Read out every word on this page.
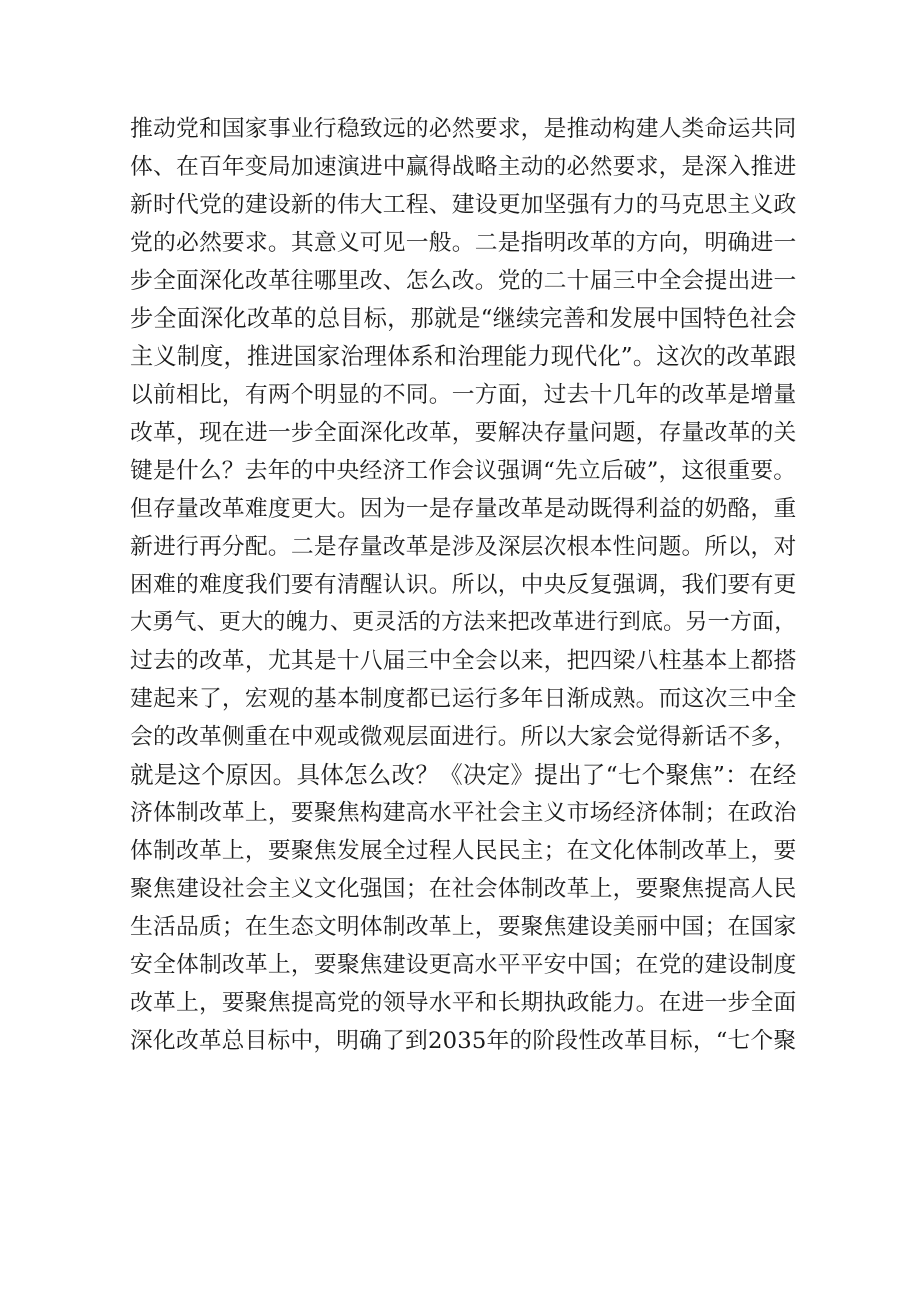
推动党和国家事业行稳致远的必然要求，是推动构建人类命运共同
体、在百年变局加速演进中赢得战略主动的必然要求，是深入推进
新时代党的建设新的伟大工程、建设更加坚强有力的马克思主义政
党的必然要求。其意义可见一般。二是指明改革的方向，明确进一
步全面深化改革往哪里改、怎么改。党的二十届三中全会提出进一
步全面深化改革的总目标，那就是“继续完善和发展中国特色社会
主义制度，推进国家治理体系和治理能力现代化”。这次的改革跟
以前相比，有两个明显的不同。一方面，过去十几年的改革是增量
改革，现在进一步全面深化改革，要解决存量问题，存量改革的关
键是什么？去年的中央经济工作会议强调“先立后破”，这很重要。
但存量改革难度更大。因为一是存量改革是动既得利益的奶酪，重
新进行再分配。二是存量改革是涉及深层次根本性问题。所以，对
困难的难度我们要有清醒认识。所以，中央反复强调，我们要有更
大勇气、更大的魄力、更灵活的方法来把改革进行到底。另一方面，
过去的改革，尤其是十八届三中全会以来，把四梁八柱基本上都搭
建起来了，宏观的基本制度都已运行多年日渐成熟。而这次三中全
会的改革侧重在中观或微观层面进行。所以大家会觉得新话不多，
就是这个原因。具体怎么改？《决定》提出了“七个聚焦”：在经
济体制改革上，要聚焦构建高水平社会主义市场经济体制；在政治
体制改革上，要聚焦发展全过程人民民主；在文化体制改革上，要
聚焦建设社会主义文化强国；在社会体制改革上，要聚焦提高人民
生活品质；在生态文明体制改革上，要聚焦建设美丽中国；在国家
安全体制改革上，要聚焦建设更高水平平安中国；在党的建设制度
改革上，要聚焦提高党的领导水平和长期执政能力。在进一步全面
深化改革总目标中，明确了到2035年的阶段性改革目标，“七个聚
